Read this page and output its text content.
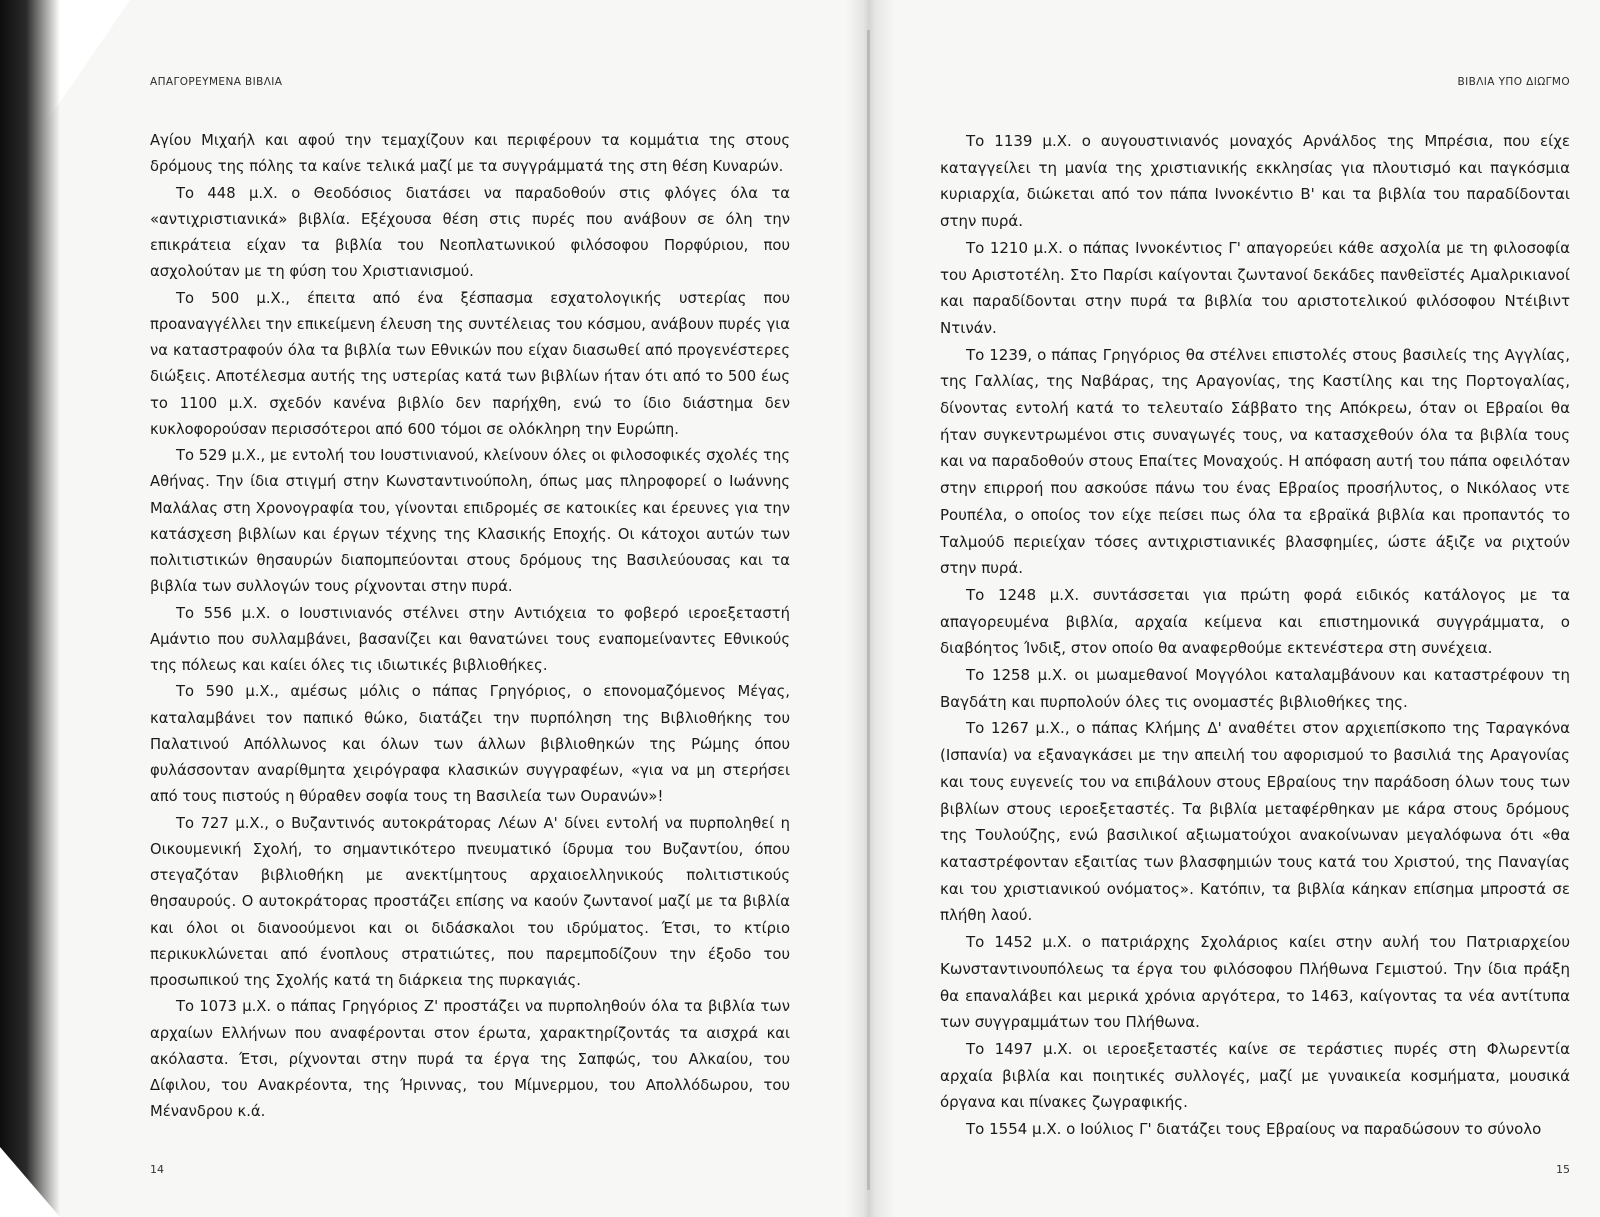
ΑΠΑΓΟΡΕΥΜΕΝΑ ΒΙΒΛΙΑ

Αγίου Μιχαήλ και αφού την τεμαχίζουν και περιφέρουν τα κομμάτια της στους δρόμους της πόλης τα καίνε τελικά μαζί με τα συγγράμματά της στη θέση Κυναρών.

Το 448 μ.Χ. ο Θεοδόσιος διατάσει να παραδοθούν στις φλόγες όλα τα «αντιχριστιανικά» βιβλία. Εξέχουσα θέση στις πυρές που ανάβουν σε όλη την επικράτεια είχαν τα βιβλία του Νεοπλατωνικού φιλόσοφου Πορφύριου, που ασχολούταν με τη φύση του Χριστιανισμού.

Το 500 μ.Χ., έπειτα από ένα ξέσπασμα εσχατολογικής υστερίας που προαναγγέλλει την επικείμενη έλευση της συντέλειας του κόσμου, ανάβουν πυρές για να καταστραφούν όλα τα βιβλία των Εθνικών που είχαν διασωθεί από προγενέστερες διώξεις. Αποτέλεσμα αυτής της υστερίας κατά των βιβλίων ήταν ότι από το 500 έως το 1100 μ.Χ. σχεδόν κανένα βιβλίο δεν παρήχθη, ενώ το ίδιο διάστημα δεν κυκλοφορούσαν περισσότεροι από 600 τόμοι σε ολόκληρη την Ευρώπη.

Το 529 μ.Χ., με εντολή του Ιουστινιανού, κλείνουν όλες οι φιλοσοφικές σχολές της Αθήνας. Την ίδια στιγμή στην Κωνσταντινούπολη, όπως μας πληροφορεί ο Ιωάννης Μαλάλας στη Χρονογραφία του, γίνονται επιδρομές σε κατοικίες και έρευνες για την κατάσχεση βιβλίων και έργων τέχνης της Κλασικής Εποχής. Οι κάτοχοι αυτών των πολιτιστικών θησαυρών διαπομπεύονται στους δρόμους της Βασιλεύουσας και τα βιβλία των συλλογών τους ρίχνονται στην πυρά.

Το 556 μ.Χ. ο Ιουστινιανός στέλνει στην Αντιόχεια το φοβερό ιεροεξεταστή Αμάντιο που συλλαμβάνει, βασανίζει και θανατώνει τους εναπομείναντες Εθνικούς της πόλεως και καίει όλες τις ιδιωτικές βιβλιοθήκες.

Το 590 μ.Χ., αμέσως μόλις ο πάπας Γρηγόριος, ο επονομαζόμενος Μέγας, καταλαμβάνει τον παπικό θώκο, διατάζει την πυρπόληση της Βιβλιοθήκης του Παλατινού Απόλλωνος και όλων των άλλων βιβλιοθηκών της Ρώμης όπου φυλάσσονταν αναρίθμητα χειρόγραφα κλασικών συγγραφέων, «για να μη στερήσει από τους πιστούς η θύραθεν σοφία τους τη Βασιλεία των Ουρανών»!

Το 727 μ.Χ., ο Βυζαντινός αυτοκράτορας Λέων Α' δίνει εντολή να πυρποληθεί η Οικουμενική Σχολή, το σημαντικότερο πνευματικό ίδρυμα του Βυζαντίου, όπου στεγαζόταν βιβλιοθήκη με ανεκτίμητους αρχαιοελληνικούς πολιτιστικούς θησαυρούς. Ο αυτοκράτορας προστάζει επίσης να καούν ζωντανοί μαζί με τα βιβλία και όλοι οι διανοούμενοι και οι διδάσκαλοι του ιδρύματος. Έτσι, το κτίριο περικυκλώνεται από ένοπλους στρατιώτες, που παρεμποδίζουν την έξοδο του προσωπικού της Σχολής κατά τη διάρκεια της πυρκαγιάς.

Το 1073 μ.Χ. ο πάπας Γρηγόριος Ζ' προστάζει να πυρποληθούν όλα τα βιβλία των αρχαίων Ελλήνων που αναφέρονται στον έρωτα, χαρακτηρίζοντάς τα αισχρά και ακόλαστα. Έτσι, ρίχνονται στην πυρά τα έργα της Σαπφώς, του Αλκαίου, του Δίφιλου, του Ανακρέοντα, της Ήριννας, του Μίμνερμου, του Απολλόδωρου, του Μένανδρου κ.ά.

14
ΒΙΒΛΙΑ ΥΠΟ ΔΙΩΓΜΟ

Το 1139 μ.Χ. ο αυγουστινιανός μοναχός Αρνάλδος της Μπρέσια, που είχε καταγγείλει τη μανία της χριστιανικής εκκλησίας για πλουτισμό και παγκόσμια κυριαρχία, διώκεται από τον πάπα Ιννοκέντιο Β' και τα βιβλία του παραδίδονται στην πυρά.

Το 1210 μ.Χ. ο πάπας Ιννοκέντιος Γ' απαγορεύει κάθε ασχολία με τη φιλοσοφία του Αριστοτέλη. Στο Παρίσι καίγονται ζωντανοί δεκάδες πανθεϊστές Αμαλρικιανοί και παραδίδονται στην πυρά τα βιβλία του αριστοτελικού φιλόσοφου Ντέιβιντ Ντινάν.

Το 1239, ο πάπας Γρηγόριος θα στέλνει επιστολές στους βασιλείς της Αγγλίας, της Γαλλίας, της Ναβάρας, της Αραγονίας, της Καστίλης και της Πορτογαλίας, δίνοντας εντολή κατά το τελευταίο Σάββατο της Απόκρεω, όταν οι Εβραίοι θα ήταν συγκεντρωμένοι στις συναγωγές τους, να κατασχεθούν όλα τα βιβλία τους και να παραδοθούν στους Επαίτες Μοναχούς. Η απόφαση αυτή του πάπα οφειλόταν στην επιρροή που ασκούσε πάνω του ένας Εβραίος προσήλυτος, ο Νικόλαος ντε Ρουπέλα, ο οποίος τον είχε πείσει πως όλα τα εβραϊκά βιβλία και προπαντός το Ταλμούδ περιείχαν τόσες αντιχριστιανικές βλασφημίες, ώστε άξιζε να ριχτούν στην πυρά.

Το 1248 μ.Χ. συντάσσεται για πρώτη φορά ειδικός κατάλογος με τα απαγορευμένα βιβλία, αρχαία κείμενα και επιστημονικά συγγράμματα, ο διαβόητος Ίνδιξ, στον οποίο θα αναφερθούμε εκτενέστερα στη συνέχεια.

Το 1258 μ.Χ. οι μωαμεθανοί Μογγόλοι καταλαμβάνουν και καταστρέφουν τη Βαγδάτη και πυρπολούν όλες τις ονομαστές βιβλιοθήκες της.

Το 1267 μ.Χ., ο πάπας Κλήμης Δ' αναθέτει στον αρχιεπίσκοπο της Ταραγκόνα (Ισπανία) να εξαναγκάσει με την απειλή του αφορισμού το βασιλιά της Αραγονίας και τους ευγενείς του να επιβάλουν στους Εβραίους την παράδοση όλων τους των βιβλίων στους ιεροεξεταστές. Τα βιβλία μεταφέρθηκαν με κάρα στους δρόμους της Τουλούζης, ενώ βασιλικοί αξιωματούχοι ανακοίνωναν μεγαλόφωνα ότι «θα καταστρέφονταν εξαιτίας των βλασφημιών τους κατά του Χριστού, της Παναγίας και του χριστιανικού ονόματος». Κατόπιν, τα βιβλία κάηκαν επίσημα μπροστά σε πλήθη λαού.

Το 1452 μ.Χ. ο πατριάρχης Σχολάριος καίει στην αυλή του Πατριαρχείου Κωνσταντινουπόλεως τα έργα του φιλόσοφου Πλήθωνα Γεμιστού. Την ίδια πράξη θα επαναλάβει και μερικά χρόνια αργότερα, το 1463, καίγοντας τα νέα αντίτυπα των συγγραμμάτων του Πλήθωνα.

Το 1497 μ.Χ. οι ιεροεξεταστές καίνε σε τεράστιες πυρές στη Φλωρεντία αρχαία βιβλία και ποιητικές συλλογές, μαζί με γυναικεία κοσμήματα, μουσικά όργανα και πίνακες ζωγραφικής.

Το 1554 μ.Χ. ο Ιούλιος Γ' διατάζει τους Εβραίους να παραδώσουν το σύνολο

15
